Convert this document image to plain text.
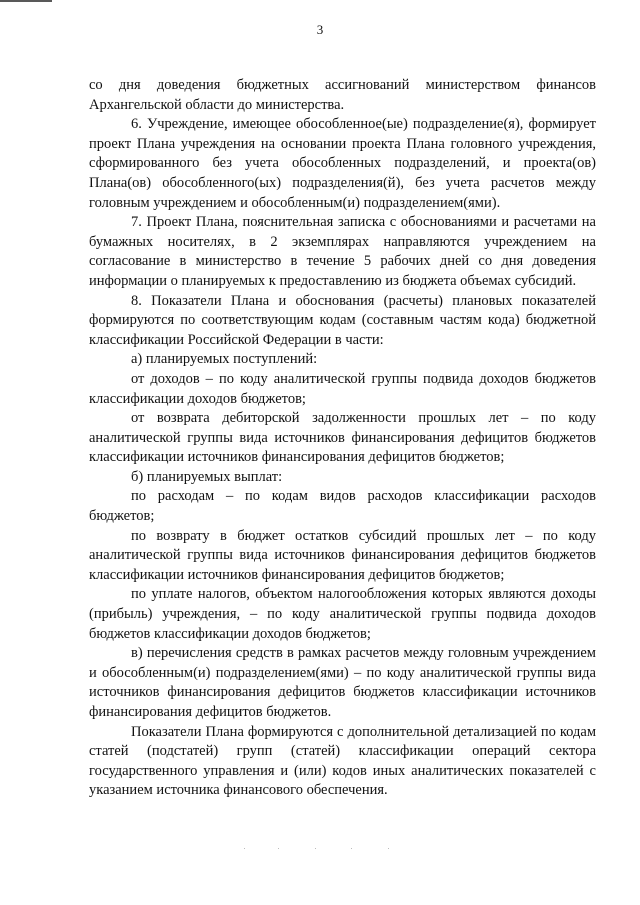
3

со дня доведения бюджетных ассигнований министерством финансов Архангельской области до министерства.

6. Учреждение, имеющее обособленное(ые) подразделение(я), формирует проект Плана учреждения на основании проекта Плана головного учреждения, сформированного без учета обособленных подразделений, и проекта(ов) Плана(ов) обособленного(ых) подразделения(й), без учета расчетов между головным учреждением и обособленным(и) подразделением(ями).

7. Проект Плана, пояснительная записка с обоснованиями и расчетами на бумажных носителях, в 2 экземплярах направляются учреждением на согласование в министерство в течение 5 рабочих дней со дня доведения информации о планируемых к предоставлению из бюджета объемах субсидий.

8. Показатели Плана и обоснования (расчеты) плановых показателей формируются по соответствующим кодам (составным частям кода) бюджетной классификации Российской Федерации в части:

а) планируемых поступлений:

от доходов – по коду аналитической группы подвида доходов бюджетов классификации доходов бюджетов;

от возврата дебиторской задолженности прошлых лет – по коду аналитической группы вида источников финансирования дефицитов бюджетов классификации источников финансирования дефицитов бюджетов;

б) планируемых выплат:

по расходам – по кодам видов расходов классификации расходов бюджетов;

по возврату в бюджет остатков субсидий прошлых лет – по коду аналитической группы вида источников финансирования дефицитов бюджетов классификации источников финансирования дефицитов бюджетов;

по уплате налогов, объектом налогообложения которых являются доходы (прибыль) учреждения, – по коду аналитической группы подвида доходов бюджетов классификации доходов бюджетов;

в) перечисления средств в рамках расчетов между головным учреждением и обособленным(и) подразделением(ями) – по коду аналитической группы вида источников финансирования дефицитов бюджетов классификации источников финансирования дефицитов бюджетов.

Показатели Плана формируются с дополнительной детализацией по кодам статей (подстатей) групп (статей) классификации операций сектора государственного управления и (или) кодов иных аналитических показателей с указанием источника финансового обеспечения.
